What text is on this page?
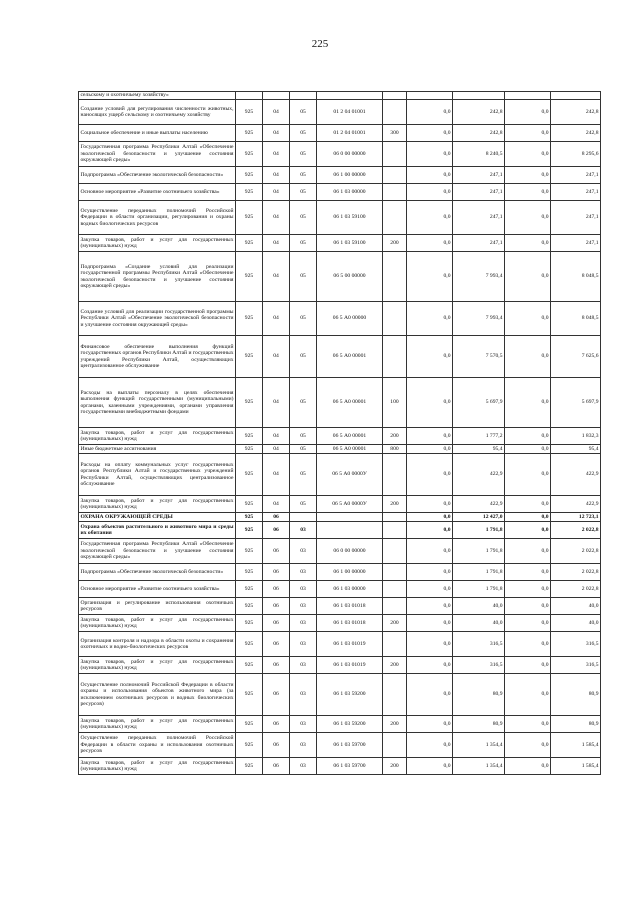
225
сельскому и охотничьему хозяйству»									
Создание условий для регулирования численности животных, наносящих ущерб сельскому и охотничьему хозяйству	925	04	05	01 2 04 01001		0,0	242,8	0,0	242,8
Социальное обеспечение и иные выплаты населению	925	04	05	01 2 04 01001	300	0,0	242,8	0,0	242,8
Государственная программа Республики Алтай «Обеспечение экологической безопасности и улучшение состояния окружающей среды»	925	04	05	06 0 00 00000		0,0	8 240,5	0,0	8 295,6
Подпрограмма «Обеспечение экологической безопасности»	925	04	05	06 1 00 00000		0,0	247,1	0,0	247,1
Основное мероприятие «Развитие охотничьего хозяйства»	925	04	05	06 1 03 00000		0,0	247,1	0,0	247,1
Осуществление переданных полномочий Российской Федерации в области организации, регулирования и охраны водных биологических ресурсов	925	04	05	06 1 03 59100		0,0	247,1	0,0	247,1
Закупка товаров, работ и услуг для государственных (муниципальных) нужд	925	04	05	06 1 03 59100	200	0,0	247,1	0,0	247,1
Подпрограмма «Создание условий для реализации государственной программы Республики Алтай «Обеспечение экологической безопасности и улучшение состояния окружающей среды»	925	04	05	06 5 00 00000		0,0	7 993,4	0,0	8 048,5
Создание условий для реализации государственной программы Республики Алтай «Обеспечение экологической безопасности и улучшение состояния окружающей среды»	925	04	05	06 5 А0 00000		0,0	7 993,4	0,0	8 048,5
Финансовое обеспечение выполнения функций государственных органов Республики Алтай и государственных учреждений Республики Алтай, осуществляющих централизованное обслуживание	925	04	05	06 5 А0 00001		0,0	7 570,5	0,0	7 625,6
Расходы на выплаты персоналу в целях обеспечения выполнения функций государственными (муниципальными) органами, казенными учреждениями, органами управления государственными внебюджетными фондами	925	04	05	06 5 А0 00001	100	0,0	5 697,9	0,0	5 697,9
Закупка товаров, работ и услуг для государственных (муниципальных) нужд	925	04	05	06 5 А0 00001	200	0,0	1 777,2	0,0	1 832,3
Иные бюджетные ассигнования	925	04	05	06 5 А0 00001	800	0,0	95,4	0,0	95,4
Расходы на оплату коммунальных услуг государственных органов Республики Алтай и государственных учреждений Республики Алтай, осуществляющих централизованное обслуживание	925	04	05	06 5 А0 0000У		0,0	422,9	0,0	422,9
Закупка товаров, работ и услуг для государственных (муниципальных) нужд	925	04	05	06 5 А0 0000У	200	0,0	422,9	0,0	422,9
ОХРАНА ОКРУЖАЮЩЕЙ СРЕДЫ	925	06				0,0	12 427,0	0,0	12 723,1
Охрана объектов растительного и животного мира и среды их обитания	925	06	03			0,0	1 791,8	0,0	2 022,8
Государственная программа Республики Алтай «Обеспечение экологической безопасности и улучшение состояния окружающей среды»	925	06	03	06 0 00 00000		0,0	1 791,8	0,0	2 022,8
Подпрограмма «Обеспечение экологической безопасности»	925	06	03	06 1 00 00000		0,0	1 791,8	0,0	2 022,8
Основное мероприятие «Развитие охотничьего хозяйства»	925	06	03	06 1 03 00000		0,0	1 791,8	0,0	2 022,8
Организация и регулирование использования охотничьих ресурсов	925	06	03	06 1 03 01018		0,0	40,0	0,0	40,0
Закупка товаров, работ и услуг для государственных (муниципальных) нужд	925	06	03	06 1 03 01018	200	0,0	40,0	0,0	40,0
Организация контроля и надзора в области охоты и сохранения охотничьих и водно-биологических ресурсов	925	06	03	06 1 03 01019		0,0	316,5	0,0	316,5
Закупка товаров, работ и услуг для государственных (муниципальных) нужд	925	06	03	06 1 03 01019	200	0,0	316,5	0,0	316,5
Осуществление полномочий Российской Федерации в области охраны и использования объектов животного мира (за исключением охотничьих ресурсов и водных биологических ресурсов)	925	06	03	06 1 03 59200		0,0	80,9	0,0	80,9
Закупка товаров, работ и услуг для государственных (муниципальных) нужд	925	06	03	06 1 03 59200	200	0,0	80,9	0,0	80,9
Осуществление переданных полномочий Российской Федерации в области охраны и использования охотничьих ресурсов	925	06	03	06 1 03 59700		0,0	1 354,4	0,0	1 585,4
Закупка товаров, работ и услуг для государственных (муниципальных) нужд	925	06	03	06 1 03 59700	200	0,0	1 354,4	0,0	1 585,4
